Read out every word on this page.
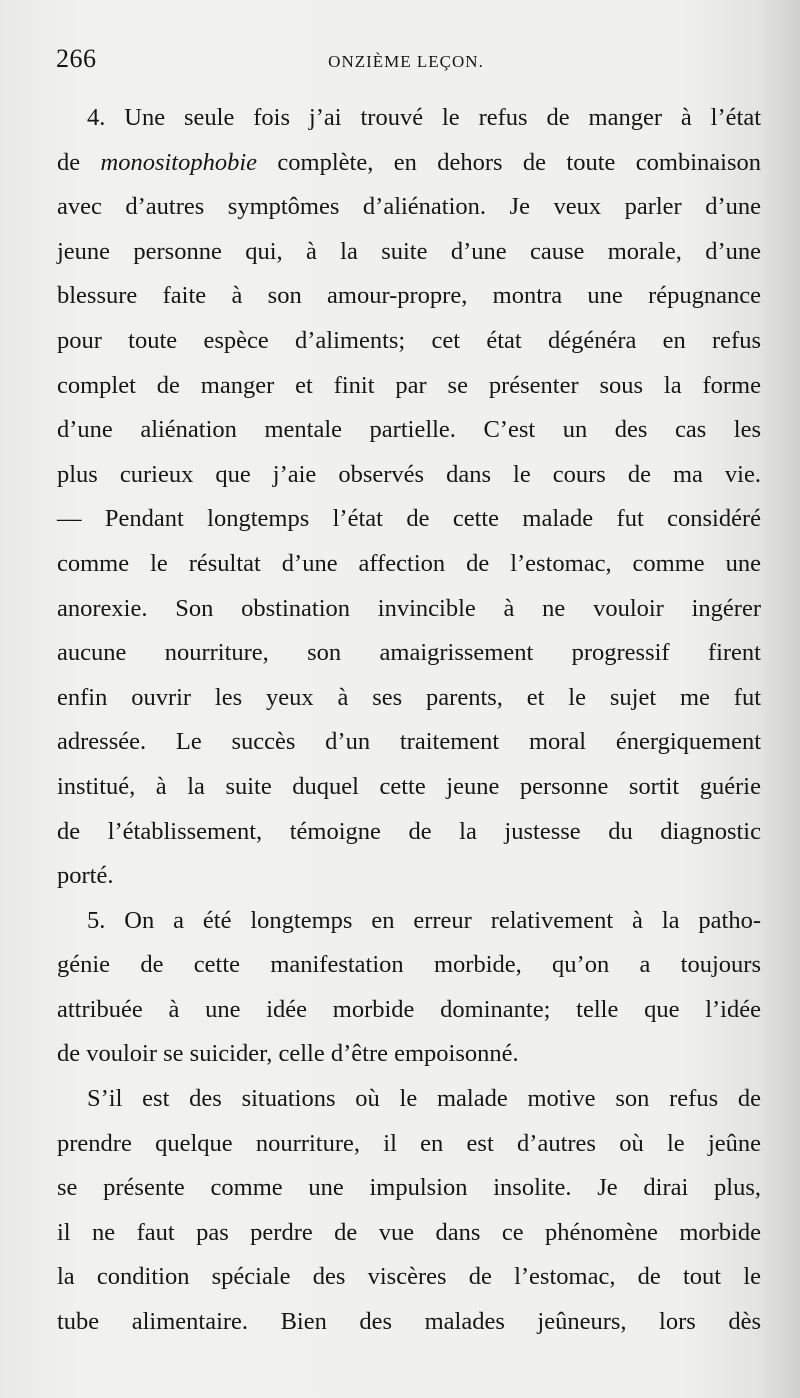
266	ONZIÈME LEÇON.

4. Une seule fois j’ai trouvé le refus de manger à l’état

de monositophobie complète, en dehors de toute combinaison

avec d’autres symptômes d’aliénation. Je veux parler d’une

jeune personne qui, à la suite d’une cause morale, d’une

blessure faite à son amour-propre, montra une répugnance

pour toute espèce d’aliments; cet état dégénéra en refus

complet de manger et finit par se présenter sous la forme

d’une aliénation mentale partielle. C’est un des cas les

plus curieux que j’aie observés dans le cours de ma vie.

— Pendant longtemps l’état de cette malade fut considéré

comme le résultat d’une affection de l’estomac, comme une

anorexie. Son obstination invincible à ne vouloir ingérer

aucune nourriture, son amaigrissement progressif firent

enfin ouvrir les yeux à ses parents, et le sujet me fut

adressée. Le succès d’un traitement moral énergiquement

institué, à la suite duquel cette jeune personne sortit guérie

de l’établissement, témoigne de la justesse du diagnostic

porté.

5. On a été longtemps en erreur relativement à la patho-

génie de cette manifestation morbide, qu’on a toujours

attribuée à une idée morbide dominante; telle que l’idée

de vouloir se suicider, celle d’être empoisonné.

S’il est des situations où le malade motive son refus de

prendre quelque nourriture, il en est d’autres où le jeûne

se présente comme une impulsion insolite. Je dirai plus,

il ne faut pas perdre de vue dans ce phénomène morbide

la condition spéciale des viscères de l’estomac, de tout le

tube alimentaire. Bien des malades jeûneurs, lors dès
